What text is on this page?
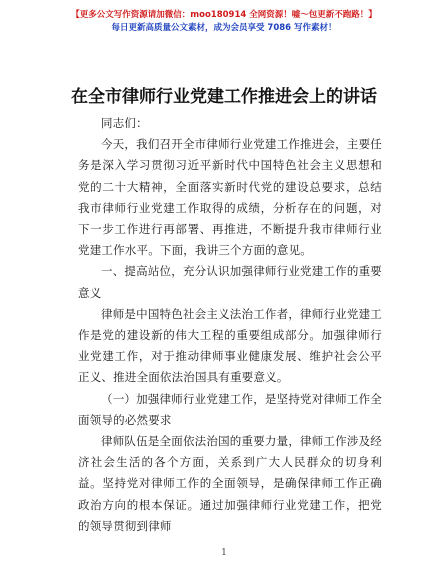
【更多公文写作资源请加微信：moo180914 全网资源！嘘～包更新不跑路！】
每日更新高质量公文素材，成为会员享受 7086 写作素材！
在全市律师行业党建工作推进会上的讲话

同志们：

今天，我们召开全市律师行业党建工作推进会，主要任务是深入学习贯彻习近平新时代中国特色社会主义思想和党的二十大精神，全面落实新时代党的建设总要求，总结我市律师行业党建工作取得的成绩，分析存在的问题，对下一步工作进行再部署、再推进，不断提升我市律师行业党建工作水平。下面，我讲三个方面的意见。

一、提高站位，充分认识加强律师行业党建工作的重要意义

律师是中国特色社会主义法治工作者，律师行业党建工作是党的建设新的伟大工程的重要组成部分。加强律师行业党建工作，对于推动律师事业健康发展、维护社会公平正义、推进全面依法治国具有重要意义。

（一）加强律师行业党建工作，是坚持党对律师工作全面领导的必然要求

律师队伍是全面依法治国的重要力量，律师工作涉及经济社会生活的各个方面，关系到广大人民群众的切身利益。坚持党对律师工作的全面领导，是确保律师工作正确政治方向的根本保证。通过加强律师行业党建工作，把党的领导贯彻到律师

1
